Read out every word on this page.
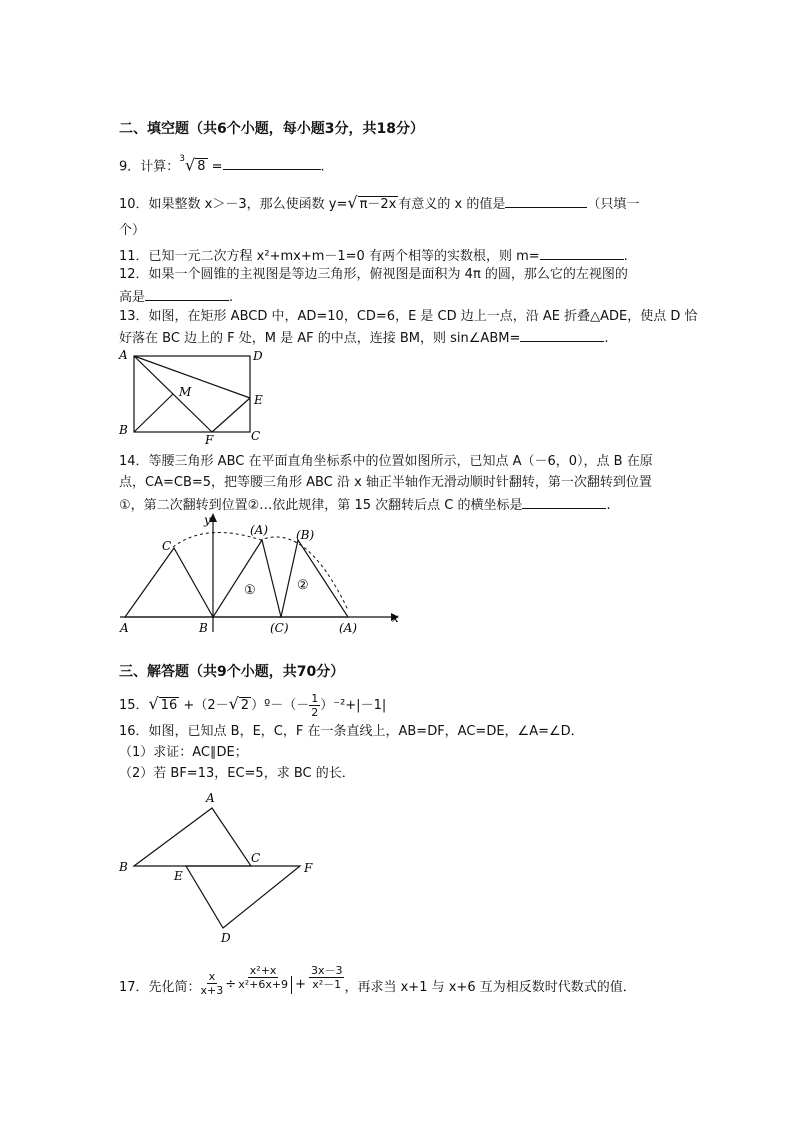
二、填空题（共6个小题，每小题3分，共18分）
9．计算：$^3$√ 8 =	.
10．如果整数 x＞－3，那么使函数 y=√ π－2x 有意义的 x 的值是	（只填一
个）
11．已知一元二次方程 x²+mx+m－1=0 有两个相等的实数根，则 m=	.
12．如果一个圆锥的主视图是等边三角形，俯视图是面积为 4π 的圆，那么它的左视图的
高是	.
13．如图，在矩形 ABCD 中，AD=10，CD=6，E 是 CD 边上一点，沿 AE 折叠△ADE，使点 D 恰
好落在 BC 边上的 F 处，M 是 AF 的中点，连接 BM，则 sin∠ABM=	.
A	D
B	C
E
F
M
14．等腰三角形 ABC 在平面直角坐标系中的位置如图所示，已知点 A（－6，0），点 B 在原
点，CA=CB=5，把等腰三角形 ABC 沿 x 轴正半轴作无滑动顺时针翻转，第一次翻转到位置
①，第二次翻转到位置②…依此规律，第 15 次翻转后点 C 的横坐标是	.
y
x
A	B
C
(A) (B)
(C)	(A)
①	②
三、解答题（共9个小题，共70分）
15．√ 16 +（2－√ 2 ）º－（－ $\frac{1}{2} )^{-2}+|-1|$
16．如图，已知点 B，E，C，F 在一条直线上，AB=DF，AC=DE，∠A=∠D．
（1）求证：AC∥DE；
（2）若 BF=13，EC=5，求 BC 的长．
B
A
C
E
F
D
17．先化简： $\frac{x}{x+3} \div \frac{\text{x²+x}}{\text{x²+6x+9}} + \frac{3x-3}{\text{x²－1}}$ ，再求当 x+1 与 x+6 互为相反数时代数式的值．
